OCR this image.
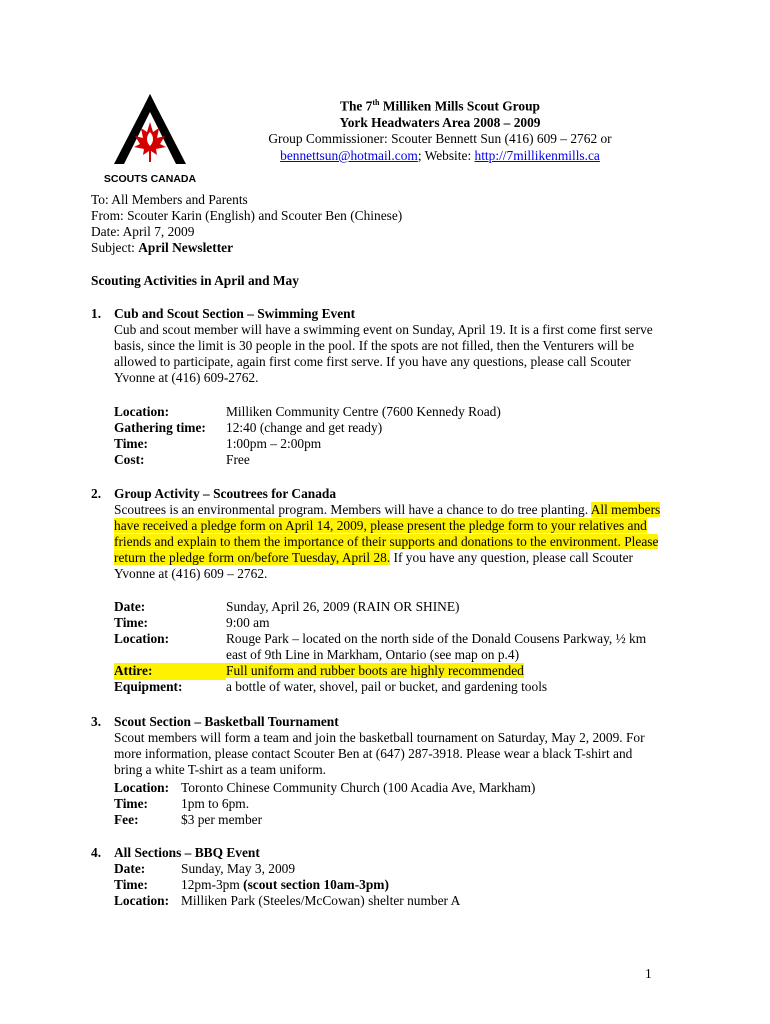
SCOUTS CANADA
The 7th Milliken Mills Scout Group
York Headwaters Area 2008 – 2009
Group Commissioner: Scouter Bennett Sun (416) 609 – 2762 or
bennettsun@hotmail.com; Website: http://7millikenmills.ca
To: All Members and Parents
From: Scouter Karin (English) and Scouter Ben (Chinese)
Date: April 7, 2009
Subject: April Newsletter
Scouting Activities in April and May
1. Cub and Scout Section – Swimming Event
Cub and scout member will have a swimming event on Sunday, April 19. It is a first come first serve
basis, since the limit is 30 people in the pool. If the spots are not filled, then the Venturers will be
allowed to participate, again first come first serve. If you have any questions, please call Scouter
Yvonne at (416) 609-2762.
Location:	Milliken Community Centre (7600 Kennedy Road)
Gathering time: 12:40 (change and get ready)
Time:	1:00pm – 2:00pm
Cost:	Free
2. Group Activity – Scoutrees for Canada
Scoutrees is an environmental program. Members will have a chance to do tree planting. All members
have received a pledge form on April 14, 2009, please present the pledge form to your relatives and
friends and explain to them the importance of their supports and donations to the environment. Please
return the pledge form on/before Tuesday, April 28. If you have any question, please call Scouter
Yvonne at (416) 609 – 2762.
Date:	Sunday, April 26, 2009 (RAIN OR SHINE)
Time:	9:00 am
Location:	Rouge Park – located on the north side of the Donald Cousens Parkway, ½ km
east of 9th Line in Markham, Ontario (see map on p.4)
Attire:	Full uniform and rubber boots are highly recommended
Equipment:	a bottle of water, shovel, pail or bucket, and gardening tools
3. Scout Section – Basketball Tournament
Scout members will form a team and join the basketball tournament on Saturday, May 2, 2009. For
more information, please contact Scouter Ben at (647) 287-3918. Please wear a black T-shirt and
bring a white T-shirt as a team uniform.
Location: Toronto Chinese Community Church (100 Acadia Ave, Markham)
Time: 1pm to 6pm.
Fee:	$3 per member
4. All Sections – BBQ Event
Date:	Sunday, May 3, 2009
Time: 12pm-3pm (scout section 10am-3pm)
Location: Milliken Park (Steeles/McCowan) shelter number A
1
